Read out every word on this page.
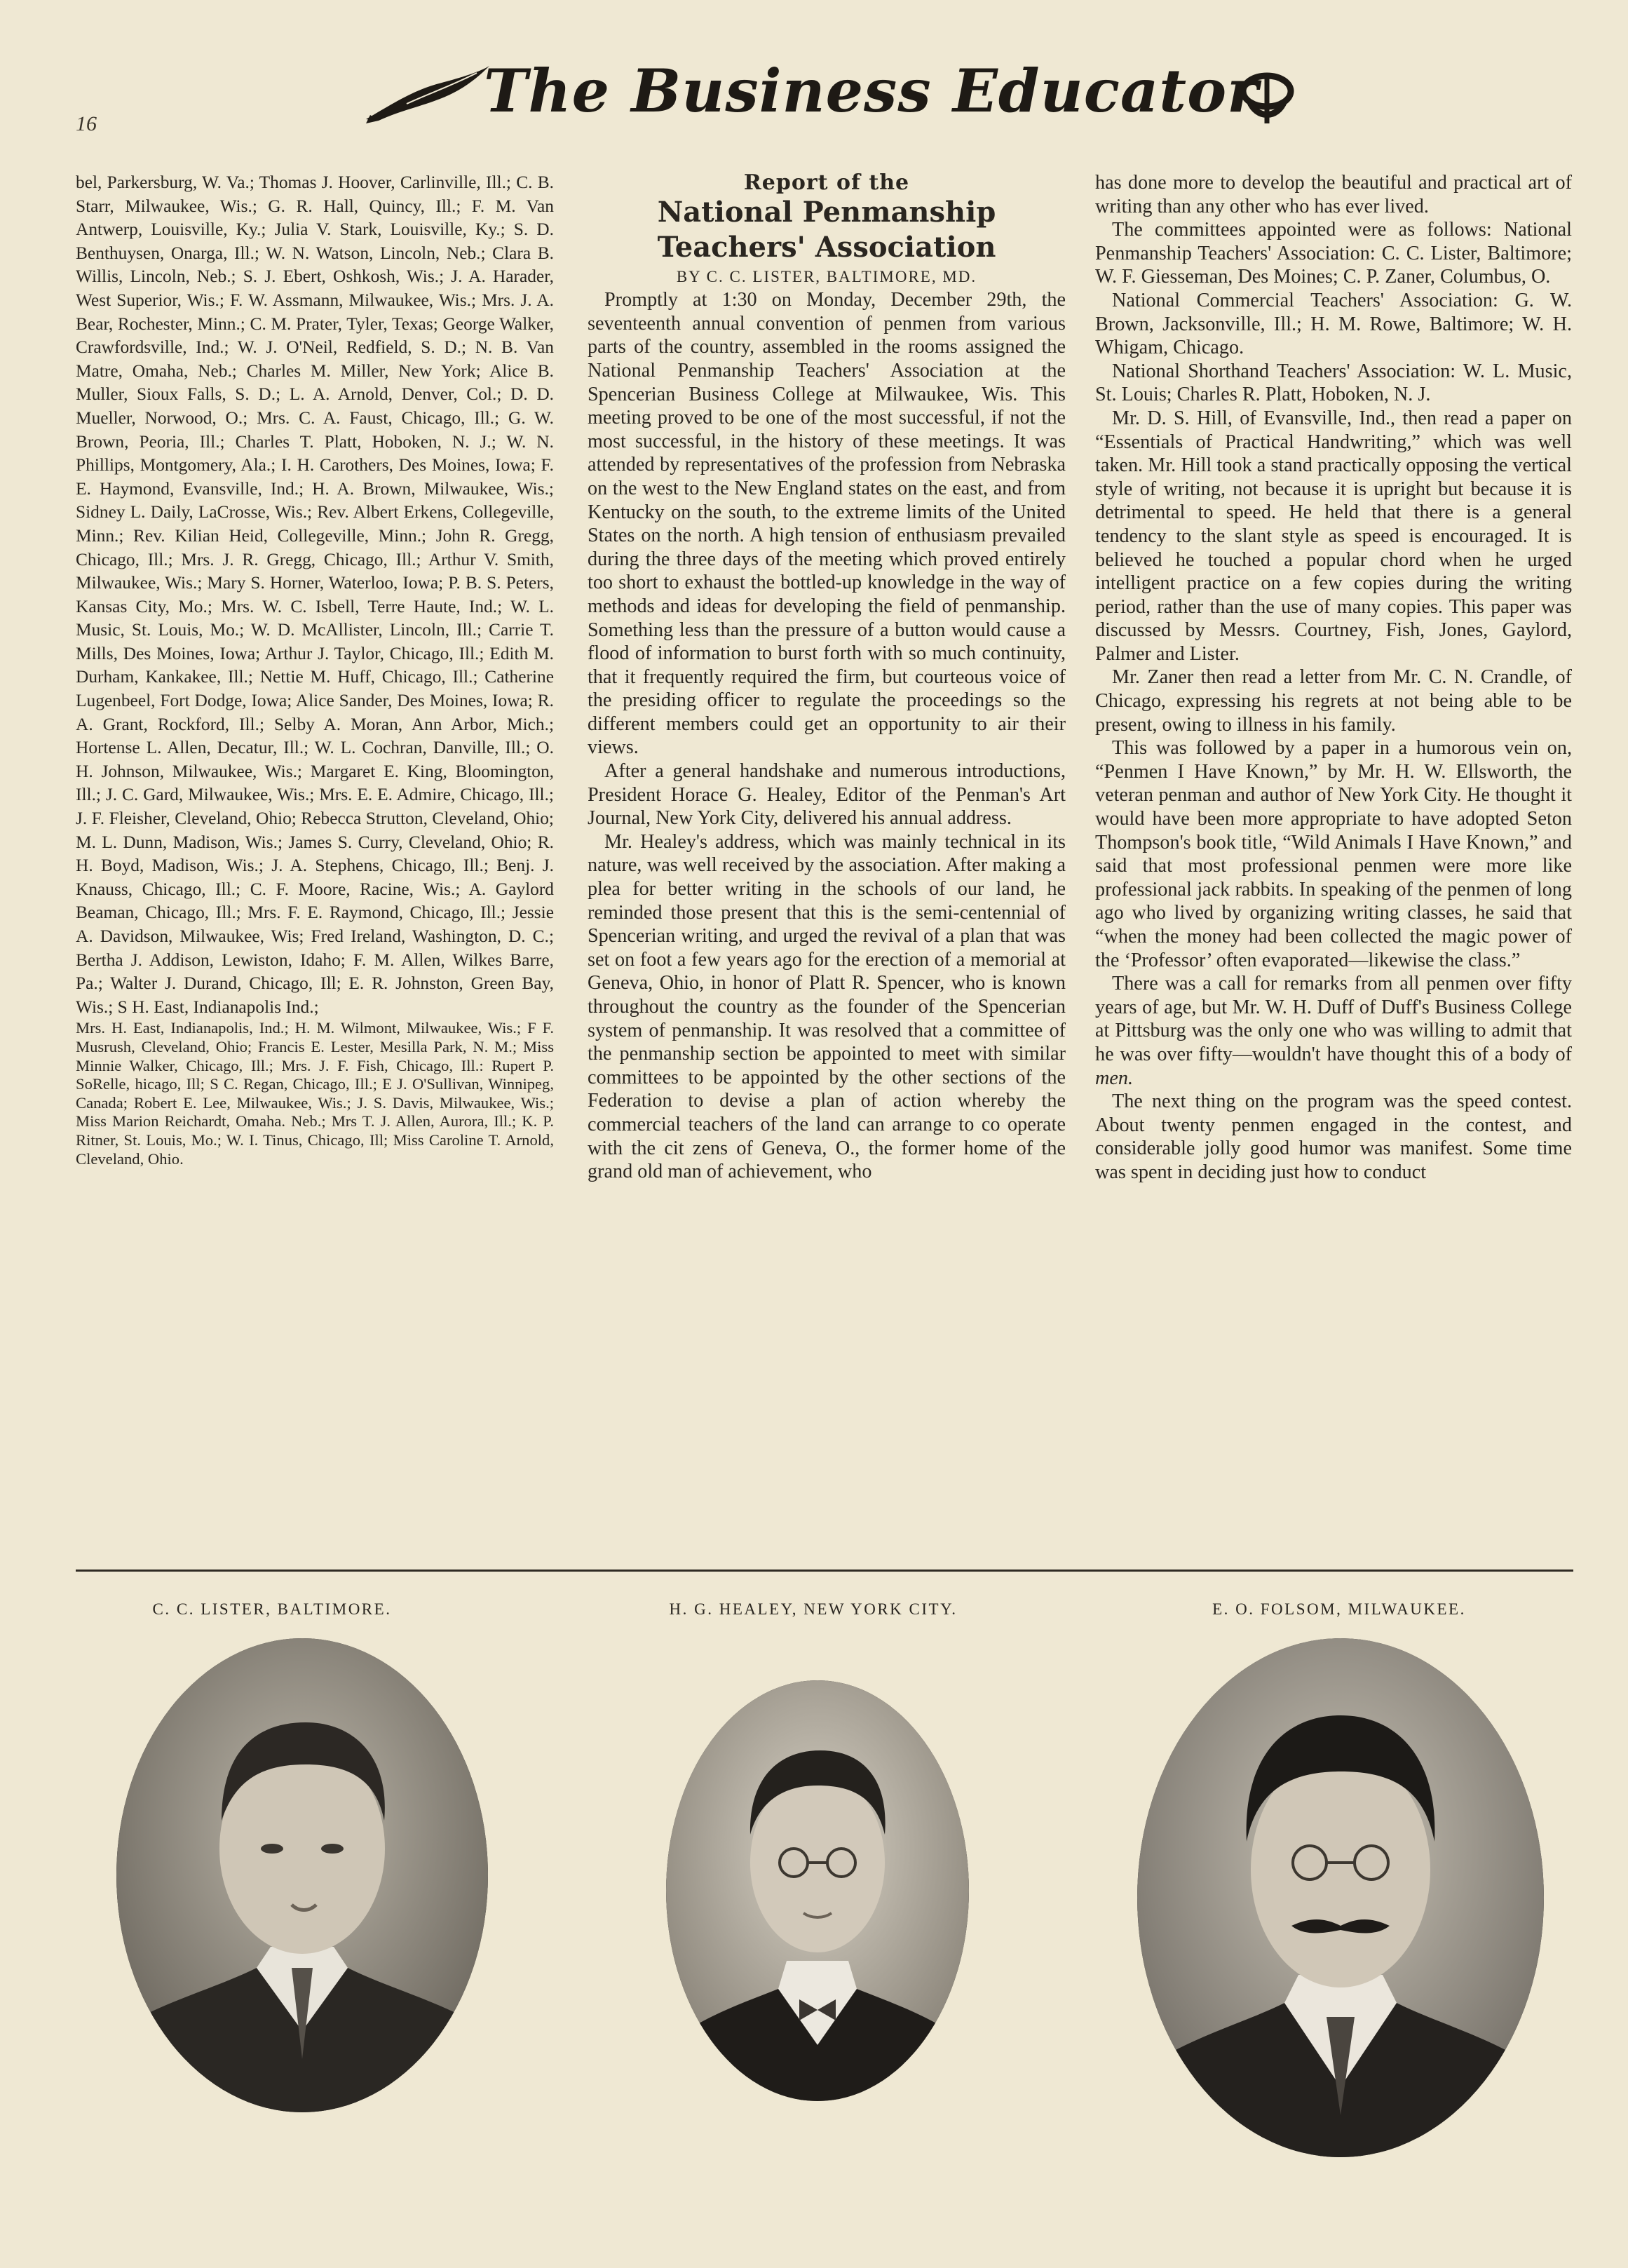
16	The Business Educator

bel, Parkersburg, W. Va.; Thomas J. Hoover, Carlinville, Ill.; C. B. Starr, Milwaukee, Wis.; G. R. Hall, Quincy, Ill.; F. M. Van Antwerp, Louisville, Ky.; Julia V. Stark, Louisville, Ky.; S. D. Benthuysen, Onarga, Ill.; W. N. Watson, Lincoln, Neb.; Clara B. Willis, Lincoln, Neb.; S. J. Ebert, Oshkosh, Wis.; J. A. Harader, West Superior, Wis.; F. W. Assmann, Milwaukee, Wis.; Mrs. J. A. Bear, Rochester, Minn.; C. M. Prater, Tyler, Texas; George Walker, Crawfordsville, Ind.; W. J. O'Neil, Redfield, S. D.; N. B. Van Matre, Omaha, Neb.; Charles M. Miller, New York; Alice B. Muller, Sioux Falls, S. D.; L. A. Arnold, Denver, Col.; D. D. Mueller, Norwood, O.; Mrs. C. A. Faust, Chicago, Ill.; G. W. Brown, Peoria, Ill.; Charles T. Platt, Hoboken, N. J.; W. N. Phillips, Montgomery, Ala.; I. H. Carothers, Des Moines, Iowa; F. E. Haymond, Evansville, Ind.; H. A. Brown, Milwaukee, Wis.; Sidney L. Daily, LaCrosse, Wis.; Rev. Albert Erkens, Collegeville, Minn.; Rev. Kilian Heid, Collegeville, Minn.; John R. Gregg, Chicago, Ill.; Mrs. J. R. Gregg, Chicago, Ill.; Arthur V. Smith, Milwaukee, Wis.; Mary S. Horner, Waterloo, Iowa; P. B. S. Peters, Kansas City, Mo.; Mrs. W. C. Isbell, Terre Haute, Ind.; W. L. Music, St. Louis, Mo.; W. D. McAllister, Lincoln, Ill.; Carrie T. Mills, Des Moines, Iowa; Arthur J. Taylor, Chicago, Ill.; Edith M. Durham, Kankakee, Ill.; Nettie M. Huff, Chicago, Ill.; Catherine Lugenbeel, Fort Dodge, Iowa; Alice Sander, Des Moines, Iowa; R. A. Grant, Rockford, Ill.; Selby A. Moran, Ann Arbor, Mich.; Hortense L. Allen, Decatur, Ill.; W. L. Cochran, Danville, Ill.; O. H. Johnson, Milwaukee, Wis.; Margaret E. King, Bloomington, Ill.; J. C. Gard, Milwaukee, Wis.; Mrs. E. E. Admire, Chicago, Ill.; J. F. Fleisher, Cleveland, Ohio; Rebecca Strutton, Cleveland, Ohio; M. L. Dunn, Madison, Wis.; James S. Curry, Cleveland, Ohio; R. H. Boyd, Madison, Wis.; J. A. Stephens, Chicago, Ill.; Benj. J. Knauss, Chicago, Ill.; C. F. Moore, Racine, Wis.; A. Gaylord Beaman, Chicago, Ill.; Mrs. F. E. Raymond, Chicago, Ill.; Jessie A. Davidson, Milwaukee, Wis; Fred Ireland, Washington, D. C.; Bertha J. Addison, Lewiston, Idaho; F. M. Allen, Wilkes Barre, Pa.; Walter J. Durand, Chicago, Ill; E. R. Johnston, Green Bay, Wis.; S H. East, Indianapolis Ind.;

Mrs. H. East, Indianapolis, Ind.; H. M. Wilmont, Milwaukee, Wis.; F F. Musrush, Cleveland, Ohio; Francis E. Lester, Mesilla Park, N. M.; Miss Minnie Walker, Chicago, Ill.; Mrs. J. F. Fish, Chicago, Ill.: Rupert P. SoRelle, hicago, Ill; S C. Regan, Chicago, Ill.; E J. O'Sullivan, Winnipeg, Canada; Robert E. Lee, Milwaukee, Wis.; J. S. Davis, Milwaukee, Wis.; Miss Marion Reichardt, Omaha. Neb.; Mrs T. J. Allen, Aurora, Ill.; K. P. Ritner, St. Louis, Mo.; W. I. Tinus, Chicago, Ill; Miss Caroline T. Arnold, Cleveland, Ohio.

Report of the

National Penmanship Teachers' Association

BY C. C. LISTER, BALTIMORE, MD.

Promptly at 1:30 on Monday, December 29th, the seventeenth annual convention of penmen from various parts of the country, assembled in the rooms assigned the National Penmanship Teachers' Association at the Spencerian Business College at Milwaukee, Wis. This meeting proved to be one of the most successful, if not the most successful, in the history of these meetings. It was attended by representatives of the profession from Nebraska on the west to the New England states on the east, and from Kentucky on the south, to the extreme limits of the United States on the north. A high tension of enthusiasm prevailed during the three days of the meeting which proved entirely too short to exhaust the bottled-up knowledge in the way of methods and ideas for developing the field of penmanship. Something less than the pressure of a button would cause a flood of information to burst forth with so much continuity, that it frequently required the firm, but courteous voice of the presiding officer to regulate the proceedings so the different members could get an opportunity to air their views.

After a general handshake and numerous introductions, President Horace G. Healey, Editor of the Penman's Art Journal, New York City, delivered his annual address.

Mr. Healey's address, which was mainly technical in its nature, was well received by the association. After making a plea for better writing in the schools of our land, he reminded those present that this is the semi-centennial of Spencerian writing, and urged the revival of a plan that was set on foot a few years ago for the erection of a memorial at Geneva, Ohio, in honor of Platt R. Spencer, who is known throughout the country as the founder of the Spencerian system of penmanship. It was resolved that a committee of the penmanship section be appointed to meet with similar committees to be appointed by the other sections of the Federation to devise a plan of action whereby the commercial teachers of the land can arrange to co operate with the cit zens of Geneva, O., the former home of the grand old man of achievement, who

has done more to develop the beautiful and practical art of writing than any other who has ever lived.

The committees appointed were as follows: National Penmanship Teachers' Association: C. C. Lister, Baltimore; W. F. Giesseman, Des Moines; C. P. Zaner, Columbus, O.

National Commercial Teachers' Association: G. W. Brown, Jacksonville, Ill.; H. M. Rowe, Baltimore; W. H. Whigam, Chicago.

National Shorthand Teachers' Association: W. L. Music, St. Louis; Charles R. Platt, Hoboken, N. J.

Mr. D. S. Hill, of Evansville, Ind., then read a paper on “Essentials of Practical Handwriting,” which was well taken. Mr. Hill took a stand practically opposing the vertical style of writing, not because it is upright but because it is detrimental to speed. He held that there is a general tendency to the slant style as speed is encouraged. It is believed he touched a popular chord when he urged intelligent practice on a few copies during the writing period, rather than the use of many copies. This paper was discussed by Messrs. Courtney, Fish, Jones, Gaylord, Palmer and Lister.

Mr. Zaner then read a letter from Mr. C. N. Crandle, of Chicago, expressing his regrets at not being able to be present, owing to illness in his family.

This was followed by a paper in a humorous vein on, “Penmen I Have Known,” by Mr. H. W. Ellsworth, the veteran penman and author of New York City. He thought it would have been more appropriate to have adopted Seton Thompson's book title, “Wild Animals I Have Known,” and said that most professional penmen were more like professional jack rabbits. In speaking of the penmen of long ago who lived by organizing writing classes, he said that “when the money had been collected the magic power of the ‘Professor’ often evaporated—likewise the class.”

There was a call for remarks from all penmen over fifty years of age, but Mr. W. H. Duff of Duff's Business College at Pittsburg was the only one who was willing to admit that he was over fifty—wouldn't have thought this of a body of men.

The next thing on the program was the speed contest. About twenty penmen engaged in the contest, and considerable jolly good humor was manifest. Some time was spent in deciding just how to conduct

C. C. LISTER, BALTIMORE.	H. G. HEALEY, NEW YORK CITY.	E. O. FOLSOM, MILWAUKEE.
